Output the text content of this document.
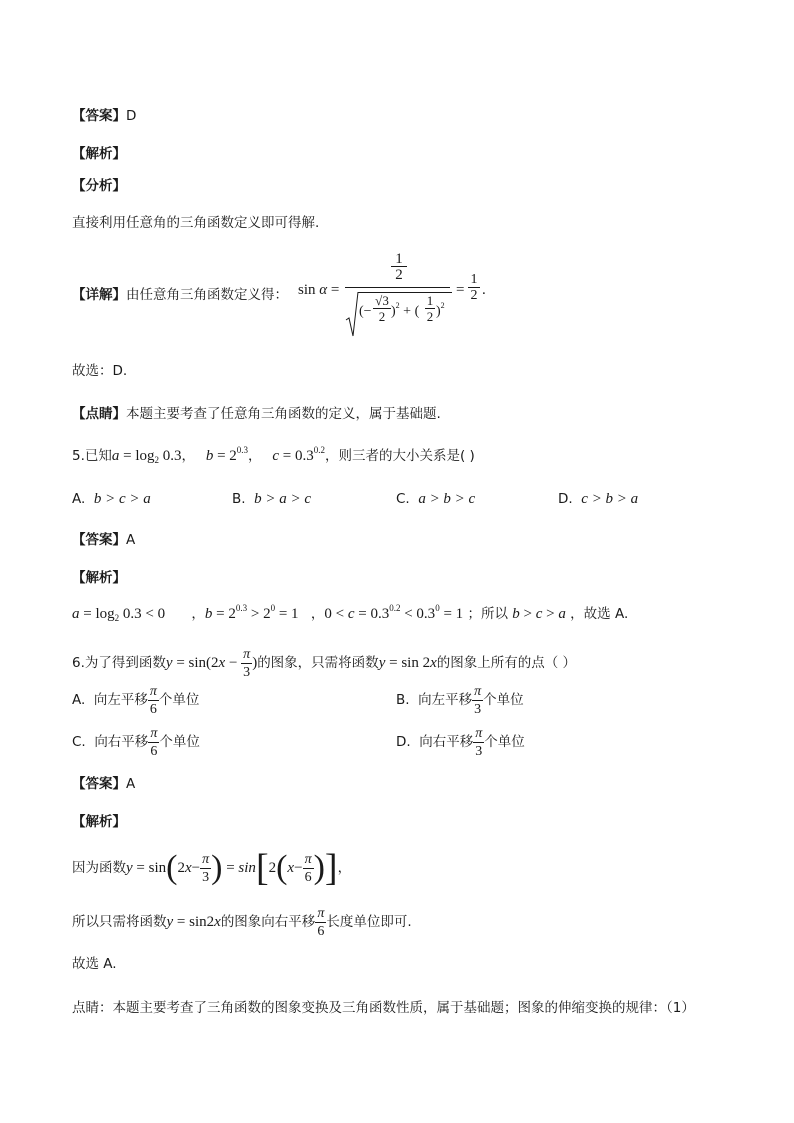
【答案】D
【解析】
【分析】
直接利用任意角的三角函数定义即可得解.
【详解】由任意角三角函数定义得： sin α =
1
2
(−
√3
2 )$^2$ + (
1
2 )$^2$
=
1
2 .
故选：D.
【点睛】本题主要考查了任意角三角函数的定义，属于基础题.
5.已知$a = \log_2 0.3$， $b = 2^{0.3}$， $c = 0.3^{0.2}$，则三者的大小关系是( )
A. b > c > a	B. b > a > c	C. a > b > c	D. c > b > a
【答案】A
【解析】
$a = \log_2 0.3 < 0$ ，$b = 2^{0.3} > 2^0 = 1$ ，$0 < c = 0.3^{0.2} < 0.3^0 = 1$ ；所以 b > c > a ，故选 A.
6.为了得到函数$y = \sin(2x - \frac{\pi}{3}$ )的图象，只需将函数y = sin 2x的图象上所有的点（ ）
A. 向左平移 $\frac{\pi}{6}$ 个单位	B. 向左平移 $\frac{\pi}{3}$ 个单位
C. 向右平移 $\frac{\pi}{6}$ 个单位	D. 向右平移 $\frac{\pi}{3}$ 个单位
【答案】A
【解析】
因为函数$y = \sin(2x- \frac{\pi}{3}$ ) = $\sin[2(x- \frac{\pi}{6}$ )]，
所以只需将函数y = sin2x的图象向右平移 $\frac{\pi}{6}$ 长度单位即可.
故选 A.
点睛：本题主要考查了三角函数的图象变换及三角函数性质，属于基础题；图象的伸缩变换的规律：（1）
